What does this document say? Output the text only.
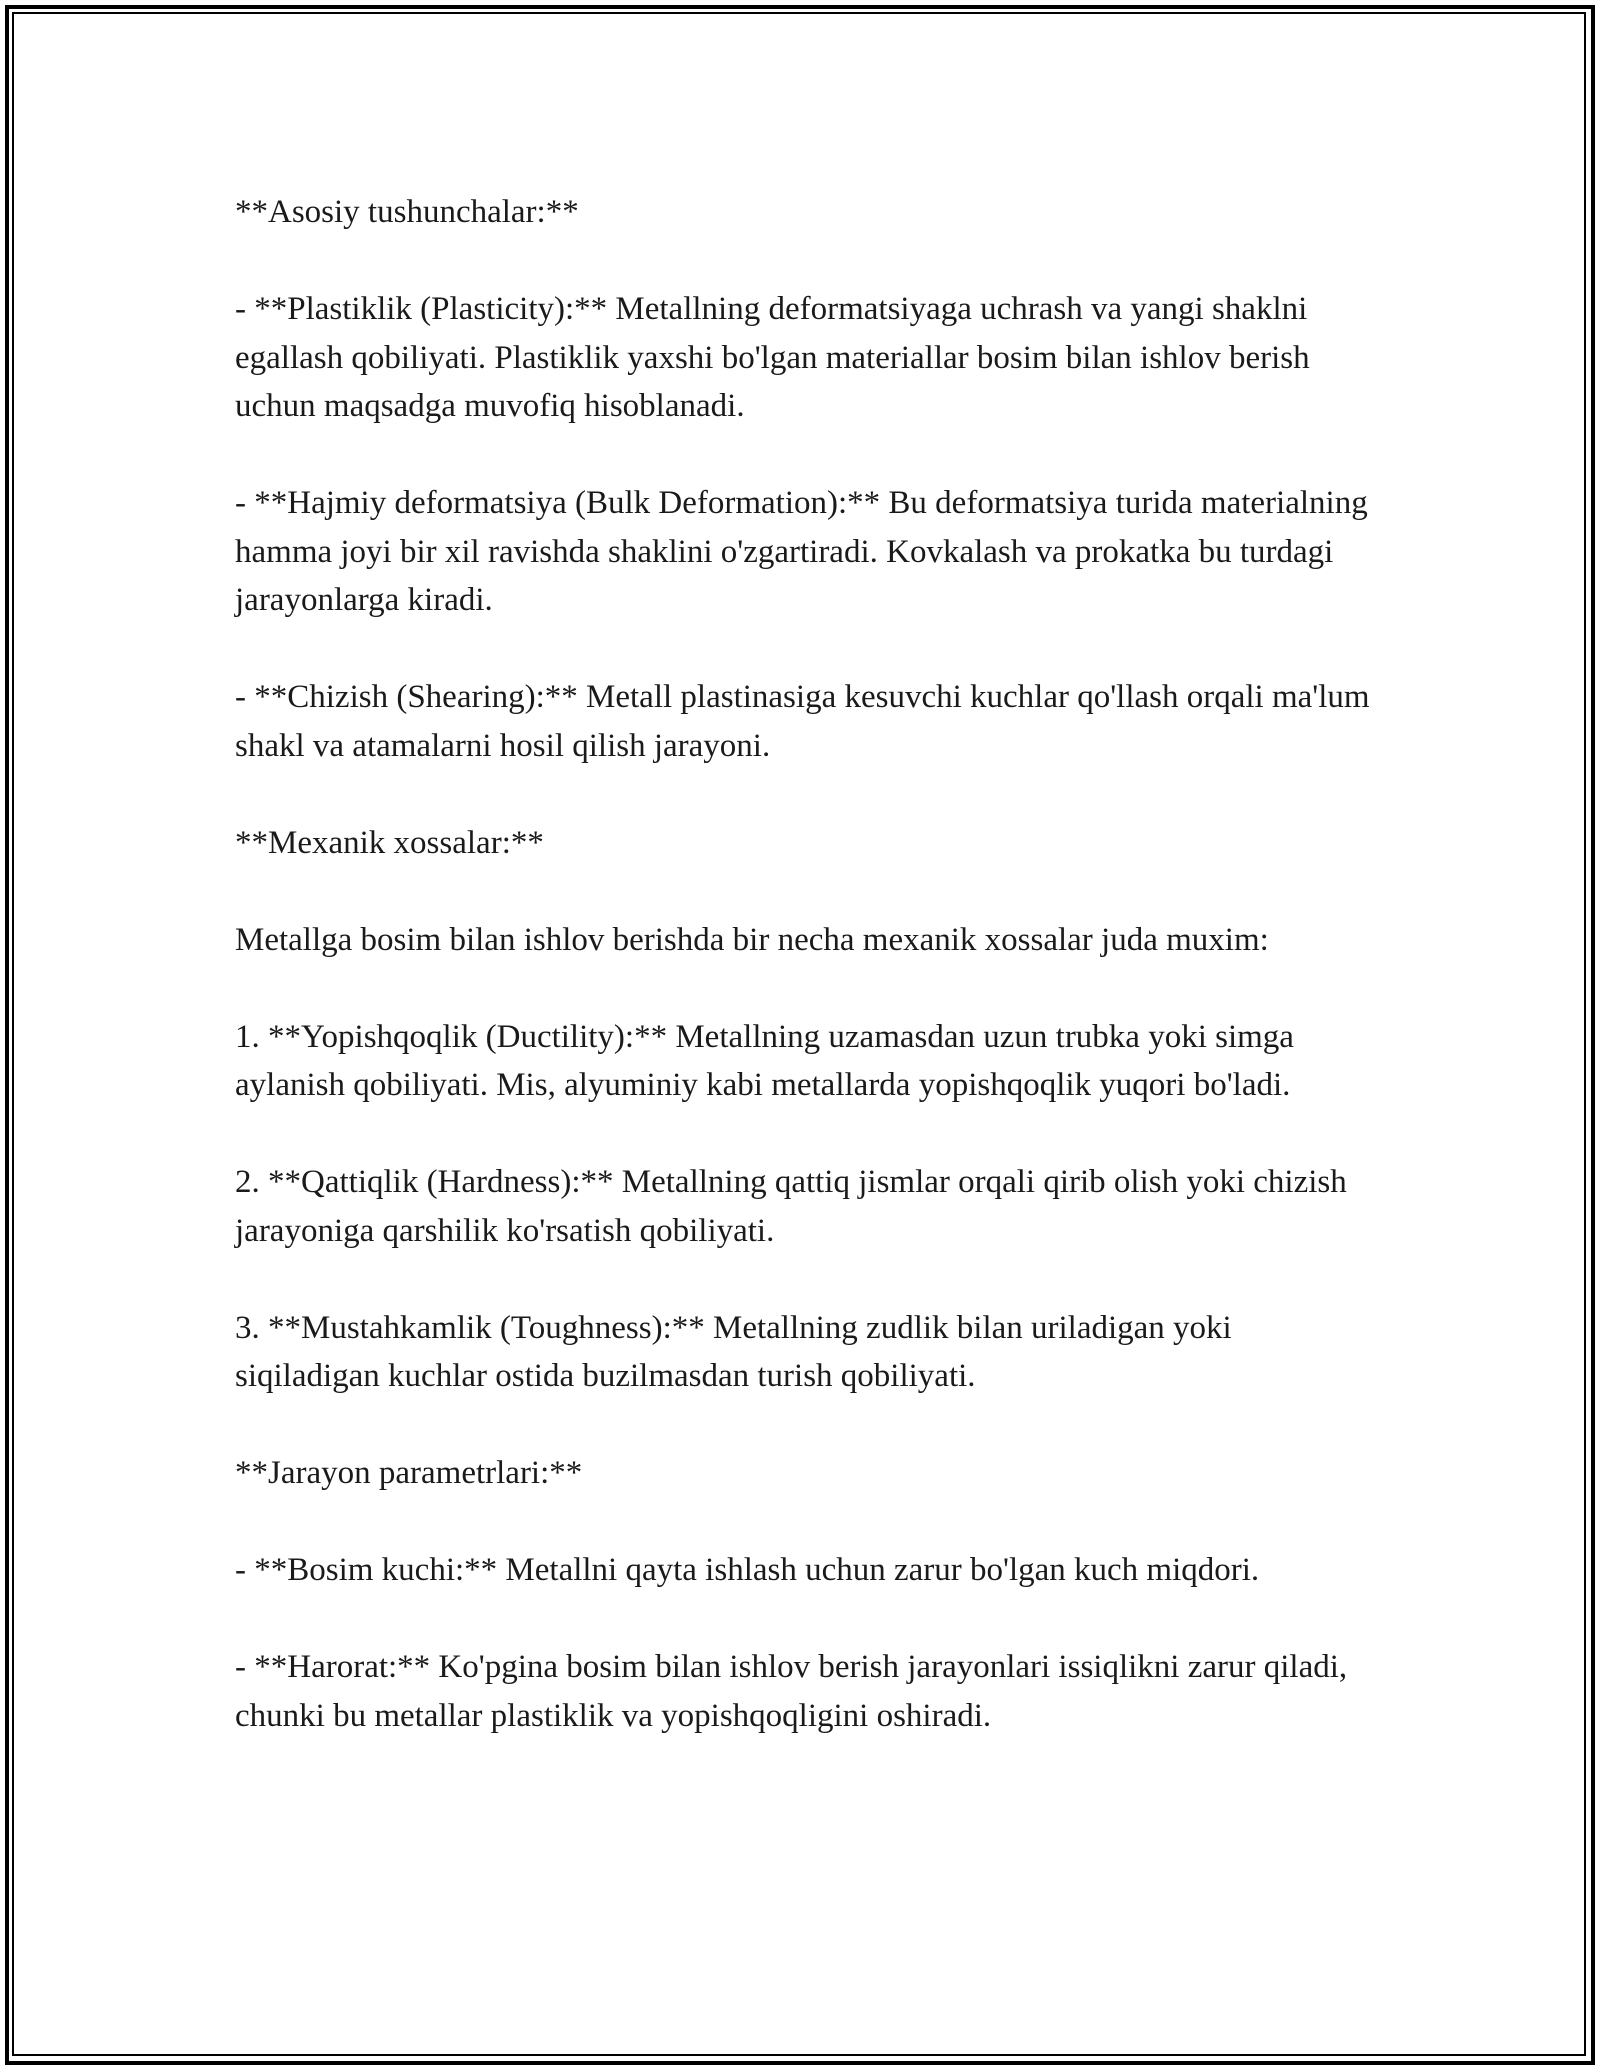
**Asosiy tushunchalar:**

- **Plastiklik (Plasticity):** Metallning deformatsiyaga uchrash va yangi shaklni egallash qobiliyati. Plastiklik yaxshi bo'lgan materiallar bosim bilan ishlov berish uchun maqsadga muvofiq hisoblanadi.

- **Hajmiy deformatsiya (Bulk Deformation):** Bu deformatsiya turida materialning hamma joyi bir xil ravishda shaklini o'zgartiradi. Kovkalash va prokatka bu turdagi jarayonlarga kiradi.

- **Chizish (Shearing):** Metall plastinasiga kesuvchi kuchlar qo'llash orqali ma'lum shakl va atamalarni hosil qilish jarayoni.

**Mexanik xossalar:**

Metallga bosim bilan ishlov berishda bir necha mexanik xossalar juda muxim:

1. **Yopishqoqlik (Ductility):** Metallning uzamasdan uzun trubka yoki simga aylanish qobiliyati. Mis, alyuminiy kabi metallarda yopishqoqlik yuqori bo'ladi.

2. **Qattiqlik (Hardness):** Metallning qattiq jismlar orqali qirib olish yoki chizish jarayoniga qarshilik ko'rsatish qobiliyati.

3. **Mustahkamlik (Toughness):** Metallning zudlik bilan uriladigan yoki siqiladigan kuchlar ostida buzilmasdan turish qobiliyati.

**Jarayon parametrlari:**

- **Bosim kuchi:** Metallni qayta ishlash uchun zarur bo'lgan kuch miqdori.

- **Harorat:** Ko'pgina bosim bilan ishlov berish jarayonlari issiqlikni zarur qiladi, chunki bu metallar plastiklik va yopishqoqligini oshiradi.
